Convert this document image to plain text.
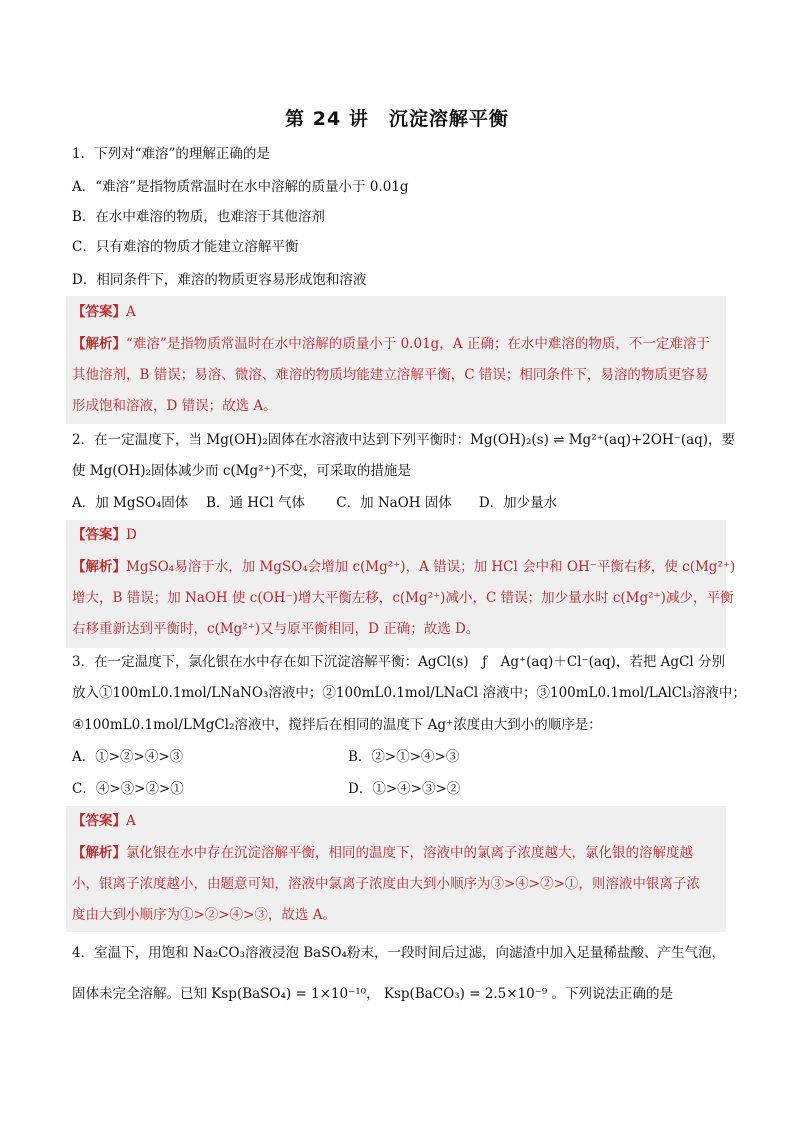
第 24 讲　沉淀溶解平衡
1．下列对“难溶”的理解正确的是
A．“难溶”是指物质常温时在水中溶解的质量小于 0.01g
B．在水中难溶的物质，也难溶于其他溶剂
C．只有难溶的物质才能建立溶解平衡
D．相同条件下，难溶的物质更容易形成饱和溶液
【答案】A
【解析】“难溶”是指物质常温时在水中溶解的质量小于 0.01g，A 正确；在水中难溶的物质，不一定难溶于
其他溶剂，B 错误；易溶、微溶、难溶的物质均能建立溶解平衡，C 错误；相同条件下，易溶的物质更容易
形成饱和溶液，D 错误；故选 A。
2．在一定温度下，当 Mg(OH)₂固体在水溶液中达到下列平衡时：Mg(OH)₂(s) ⇌ Mg²⁺(aq)+2OH⁻(aq)，要
使 Mg(OH)₂固体减少而 c(Mg²⁺)不变，可采取的措施是
A．加 MgSO₄固体　 B．通 HCl 气体　　 C．加 NaOH 固体　　D．加少量水
【答案】D
【解析】MgSO₄易溶于水，加 MgSO₄会增加 c(Mg²⁺)，A 错误；加 HCl 会中和 OH⁻平衡右移，使 c(Mg²⁺)
增大，B 错误；加 NaOH 使 c(OH⁻)增大平衡左移，c(Mg²⁺)减小，C 错误；加少量水时 c(Mg²⁺)减少，平衡
右移重新达到平衡时，c(Mg²⁺)又与原平衡相同，D 正确；故选 D。
3．在一定温度下，氯化银在水中存在如下沉淀溶解平衡：AgCl(s)　ƒ　Ag⁺(aq)＋Cl⁻(aq)，若把 AgCl 分别
放入①100mL0.1mol/LNaNO₃溶液中；②100mL0.1mol/LNaCl 溶液中；③100mL0.1mol/LAlCl₃溶液中；
④100mL0.1mol/LMgCl₂溶液中，搅拌后在相同的温度下 Ag⁺浓度由大到小的顺序是：
A．①>②>④>③	B．②>①>④>③
C．④>③>②>①	D．①>④>③>②
【答案】A
【解析】氯化银在水中存在沉淀溶解平衡，相同的温度下，溶液中的氯离子浓度越大，氯化银的溶解度越
小，银离子浓度越小，由题意可知，溶液中氯离子浓度由大到小顺序为③>④>②>①，则溶液中银离子浓
度由大到小顺序为①>②>④>③，故选 A。
4．室温下，用饱和 Na₂CO₃溶液浸泡 BaSO₄粉末，一段时间后过滤，向滤渣中加入足量稀盐酸、产生气泡，
固体未完全溶解。已知 Ksp(BaSO₄) = 1×10⁻¹⁰， Ksp(BaCO₃) = 2.5×10⁻⁹ 。下列说法正确的是
